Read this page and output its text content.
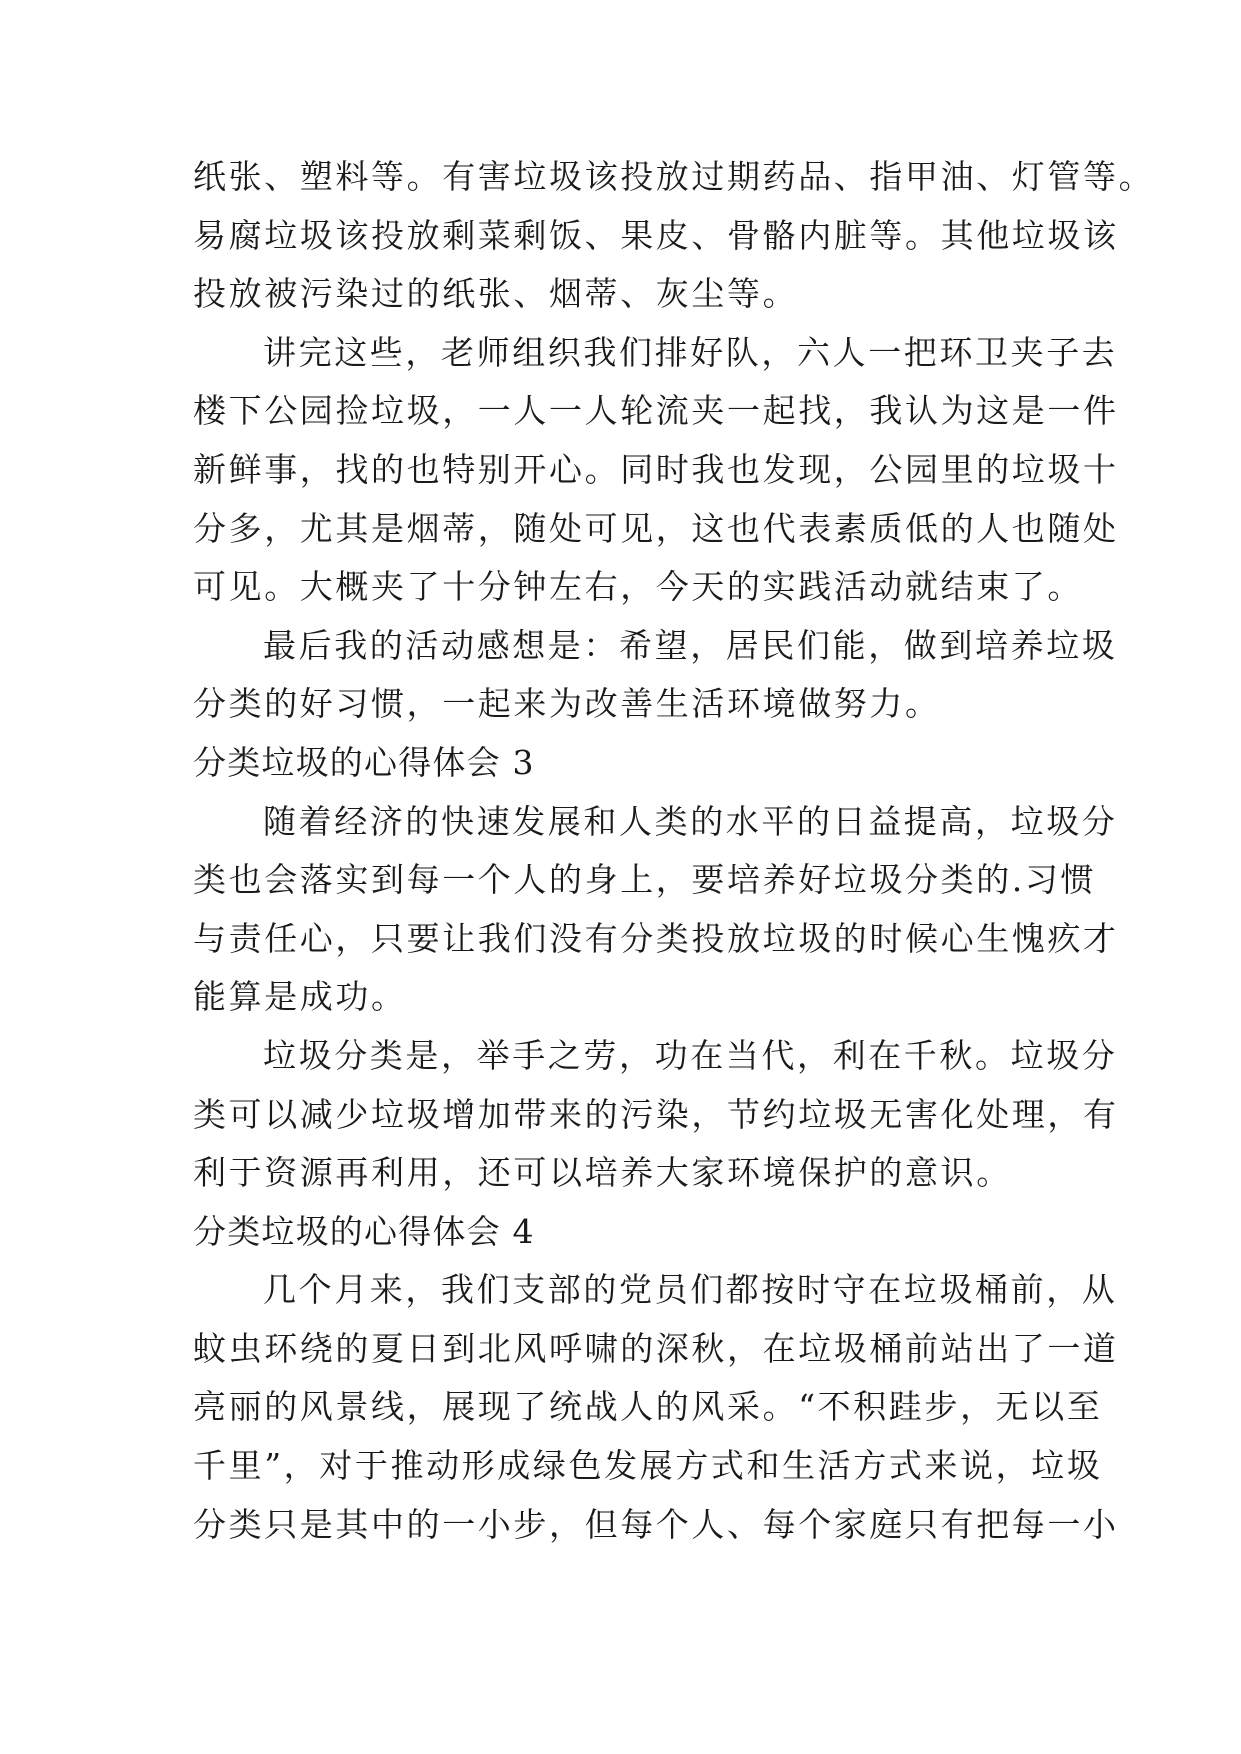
纸张、塑料等。有害垃圾该投放过期药品、指甲油、灯管等。

易腐垃圾该投放剩菜剩饭、果皮、骨骼内脏等。其他垃圾该

投放被污染过的纸张、烟蒂、灰尘等。

讲完这些，老师组织我们排好队，六人一把环卫夹子去

楼下公园捡垃圾，一人一人轮流夹一起找，我认为这是一件

新鲜事，找的也特别开心。同时我也发现，公园里的垃圾十

分多，尤其是烟蒂，随处可见，这也代表素质低的人也随处

可见。大概夹了十分钟左右，今天的实践活动就结束了。

最后我的活动感想是：希望，居民们能，做到培养垃圾

分类的好习惯，一起来为改善生活环境做努力。

分类垃圾的心得体会 3

随着经济的快速发展和人类的水平的日益提高，垃圾分

类也会落实到每一个人的身上，要培养好垃圾分类的.习惯

与责任心，只要让我们没有分类投放垃圾的时候心生愧疚才

能算是成功。

垃圾分类是，举手之劳，功在当代，利在千秋。垃圾分

类可以减少垃圾增加带来的污染，节约垃圾无害化处理，有

利于资源再利用，还可以培养大家环境保护的意识。

分类垃圾的心得体会 4

几个月来，我们支部的党员们都按时守在垃圾桶前，从

蚊虫环绕的夏日到北风呼啸的深秋，在垃圾桶前站出了一道

亮丽的风景线，展现了统战人的风采。“不积跬步，无以至

千里”，对于推动形成绿色发展方式和生活方式来说，垃圾

分类只是其中的一小步，但每个人、每个家庭只有把每一小
